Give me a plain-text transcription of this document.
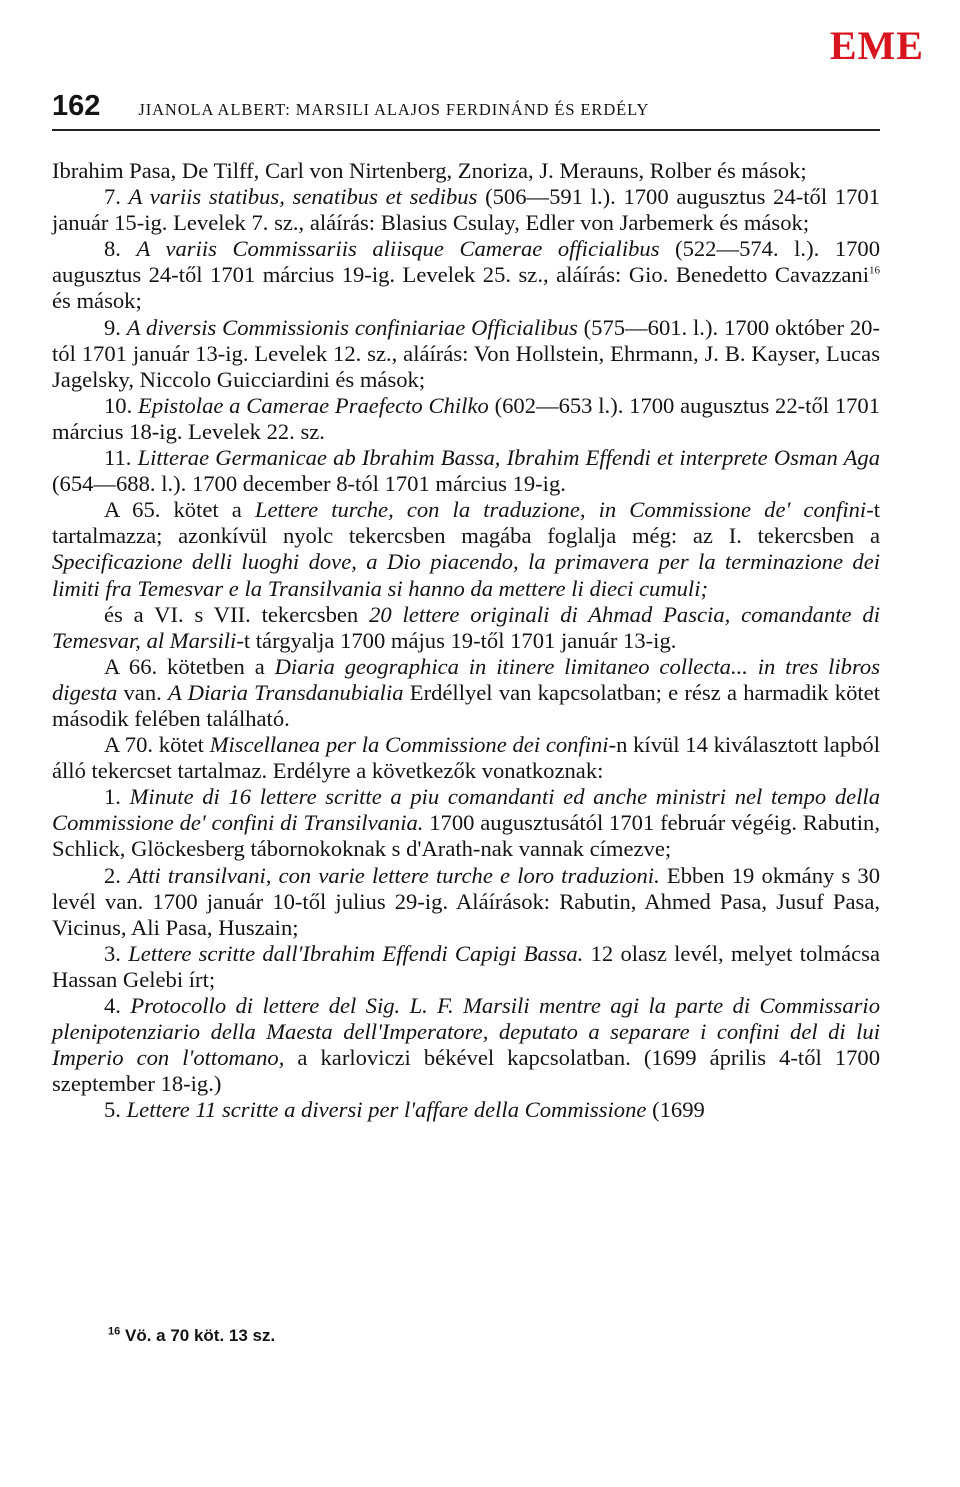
EME
162 JIANOLA ALBERT: MARSILI ALAJOS FERDINÁND ÉS ERDÉLY

Ibrahim Pasa, De Tilff, Carl von Nirtenberg, Znoriza, J. Merauns, Rolber és mások;

7. A variis statibus, senatibus et sedibus (506—591 l.). 1700 augusztus 24-től 1701 január 15-ig. Levelek 7. sz., aláírás: Blasius Csulay, Edler von Jarbemerk és mások;

8. A variis Commissariis aliisque Camerae officialibus (522—574. l.). 1700 augusztus 24-től 1701 március 19-ig. Levelek 25. sz., aláírás: Gio. Benedetto Cavazzani$^{16}$ és mások;

9. A diversis Commissionis confiniariae Officialibus (575—601. l.). 1700 október 20-tól 1701 január 13-ig. Levelek 12. sz., aláírás: Von Hollstein, Ehrmann, J. B. Kayser, Lucas Jagelsky, Niccolo Guicciardini és mások;

10. Epistolae a Camerae Praefecto Chilko (602—653 l.). 1700 augusztus 22-től 1701 március 18-ig. Levelek 22. sz.

11. Litterae Germanicae ab Ibrahim Bassa, Ibrahim Effendi et interprete Osman Aga (654—688. l.). 1700 december 8-tól 1701 március 19-ig.

A 65. kötet a Lettere turche, con la traduzione, in Commissione de' confini-t tartalmazza; azonkívül nyolc tekercsben magába foglalja még: az I. tekercsben a Specificazione delli luoghi dove, a Dio piacendo, la primavera per la terminazione dei limiti fra Temesvar e la Transilvania si hanno da mettere li dieci cumuli;

és a VI. s VII. tekercsben 20 lettere originali di Ahmad Pascia, comandante di Temesvar, al Marsili-t tárgyalja 1700 május 19-től 1701 január 13-ig.

A 66. kötetben a Diaria geographica in itinere limitaneo collecta... in tres libros digesta van. A Diaria Transdanubialia Erdéllyel van kapcsolatban; e rész a harmadik kötet második felében található.

A 70. kötet Miscellanea per la Commissione dei confini-n kívül 14 kiválasztott lapból álló tekercset tartalmaz. Erdélyre a következők vonatkoznak:

1. Minute di 16 lettere scritte a piu comandanti ed anche ministri nel tempo della Commissione de' confini di Transilvania. 1700 augusztusától 1701 február végéig. Rabutin, Schlick, Glöckesberg tábornokoknak s d'Arath-nak vannak címezve;

2. Atti transilvani, con varie lettere turche e loro traduzioni. Ebben 19 okmány s 30 levél van. 1700 január 10-től julius 29-ig. Aláírások: Rabutin, Ahmed Pasa, Jusuf Pasa, Vicinus, Ali Pasa, Huszain;

3. Lettere scritte dall'Ibrahim Effendi Capigi Bassa. 12 olasz levél, melyet tolmácsa Hassan Gelebi írt;

4. Protocollo di lettere del Sig. L. F. Marsili mentre agi la parte di Commissario plenipotenziario della Maesta dell'Imperatore, deputato a separare i confini del di lui Imperio con l'ottomano, a karloviczi békével kapcsolatban. (1699 április 4-től 1700 szeptember 18-ig.)

5. Lettere 11 scritte a diversi per l'affare della Commissione (1699

$^{16}$ Vö. a 70 köt. 13 sz.
